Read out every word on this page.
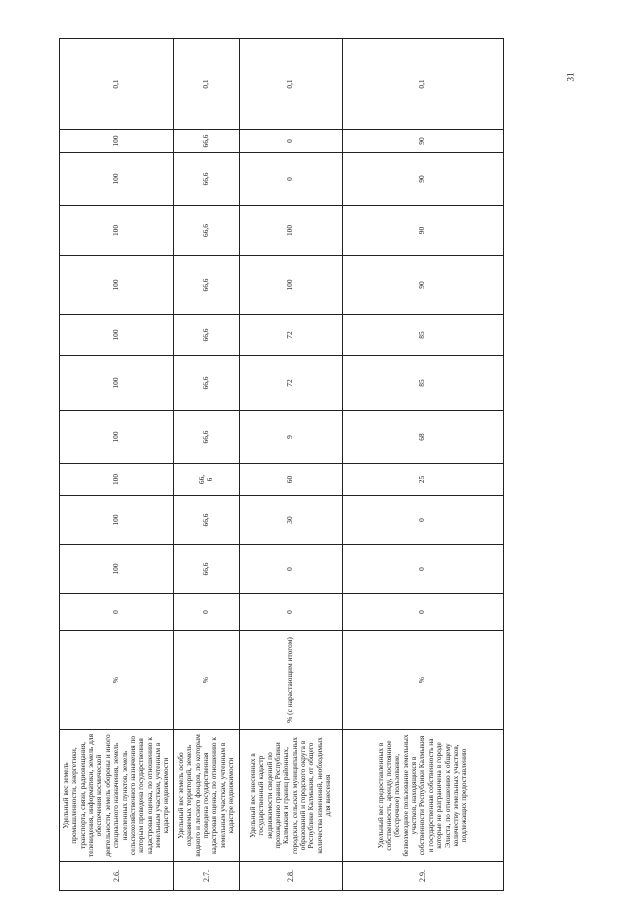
31
2.6.	Удельный вес земель промышленности, энергетики, транспорта, связи, радиовещания, телевидения, информатики, земель для обеспечения космической деятельности, земель обороны и иного специального назначения, земель населенных пунктов, земель сельскохозяйственного назначения по которым проведена государственная кадастровая оценка, по отношению к земельным участкам, учтенным в кадастре недвижимости	%	0	100	100	100	100	100	100	100	100	100	100	0,1
2.7.	Удельный вес земель особо охраняемых территорий, земель водного и лесного фондов, по которым проведена государственная кадастровая оценка, по отношению к земельным участкам, учтенным в кадастре недвижимости	%	0	66,6	66,6	66,
6	66,6	66,6	66,6	66,6	66,6	66,6	66,6	0,1
2.8.	Удельный вес внесенных в государственный кадастр недвижимости сведений по прохождению границ Республики Калмыкия и границ районных, городских, сельских муниципальных образований и городского округа в Республике Калмыкия, от общего количества изменений, необходимых для внесения	% (с нарастающим итогом)	0	0	30	60	9	72	72	100	100	0	0	0,1
2.9.	Удельный вес предоставленных в собственность, аренду, постоянное (бессрочное) пользование, безвозмездное пользование земельных участков, находящихся в собственности Республики Калмыкия и государственная собственность на которые не разграничена в городе Элиста, по отношению к общему количеству земельных участков, подлежащих предоставлению	%	0	0	0	25	68	85	85	90	90	90	90	0,1
